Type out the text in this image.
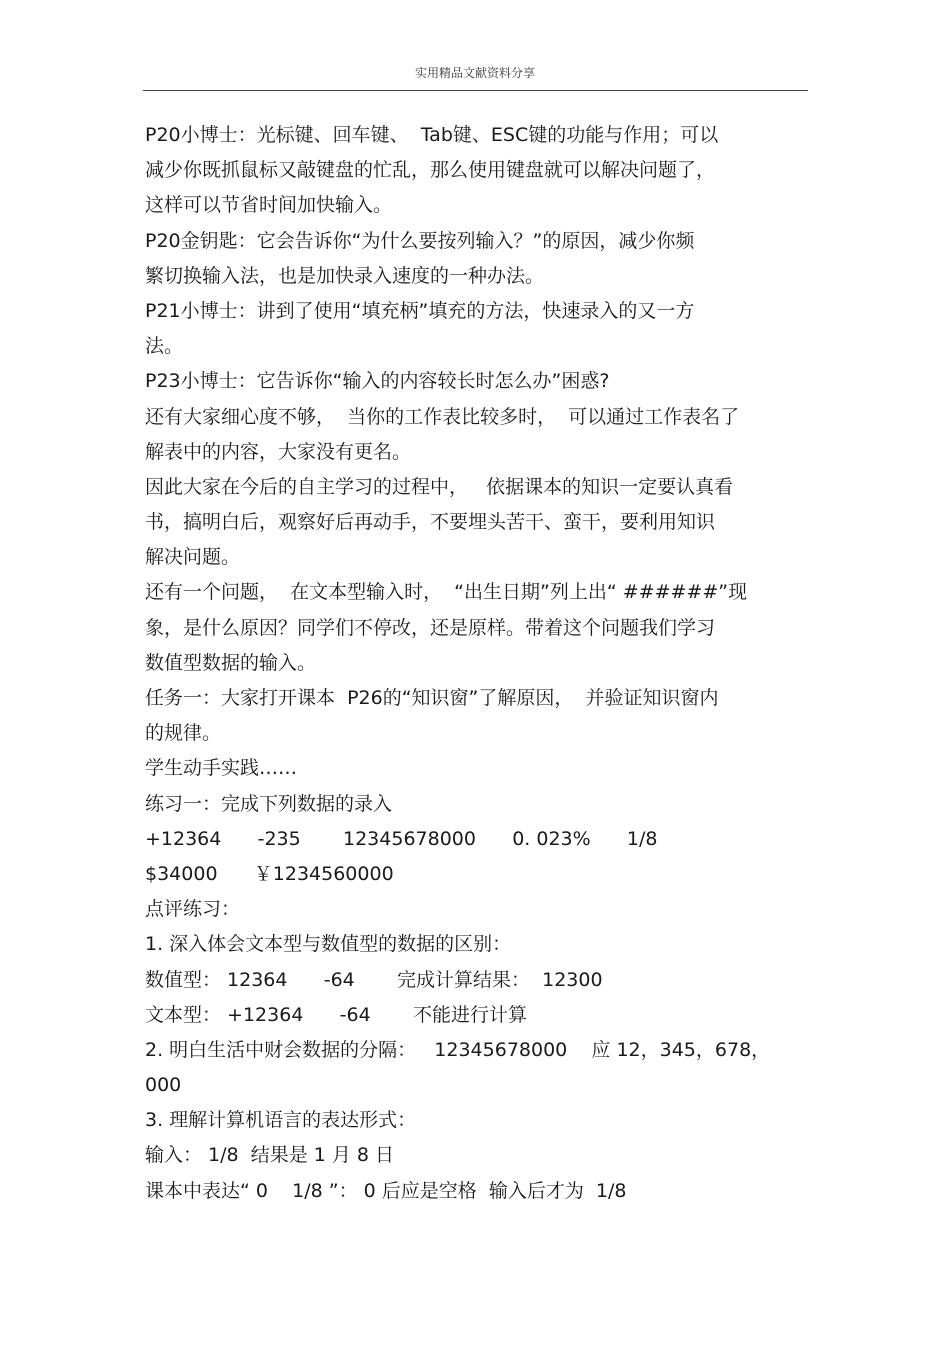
实用精品文献资料分享
P20小博士：光标键、回车键、  Tab键、ESC键的功能与作用；可以
减少你既抓鼠标又敲键盘的忙乱，那么使用键盘就可以解决问题了，
这样可以节省时间加快输入。
P20金钥匙：它会告诉你“为什么要按列输入？”的原因，减少你频
繁切换输入法，也是加快录入速度的一种办法。
P21小博士：讲到了使用“填充柄”填充的方法，快速录入的又一方
法。
P23小博士：它告诉你“输入的内容较长时怎么办”困惑?
还有大家细心度不够，  当你的工作表比较多时，  可以通过工作表名了
解表中的内容，大家没有更名。
因此大家在今后的自主学习的过程中，   依据课本的知识一定要认真看
书，搞明白后，观察好后再动手，不要埋头苦干、蛮干，要利用知识
解决问题。
还有一个问题，  在文本型输入时，  “出生日期”列上出“ ######”现
象，是什么原因？同学们不停改，还是原样。带着这个问题我们学习
数值型数据的输入。
任务一：大家打开课本  P26的“知识窗”了解原因，  并验证知识窗内
的规律。
学生动手实践……
练习一：完成下列数据的录入
+12364      -235       12345678000      0. 023%      1/8
$34000      ￥1234560000
点评练习：
1. 深入体会文本型与数值型的数据的区别：
数值型： 12364      -64       完成计算结果：  12300
文本型： +12364      -64       不能进行计算
2. 明白生活中财会数据的分隔：   12345678000    应 12，345，678，
000
3. 理解计算机语言的表达形式：
输入： 1/8  结果是 1 月 8 日
课本中表达“ 0    1/8 ”： 0 后应是空格  输入后才为  1/8
